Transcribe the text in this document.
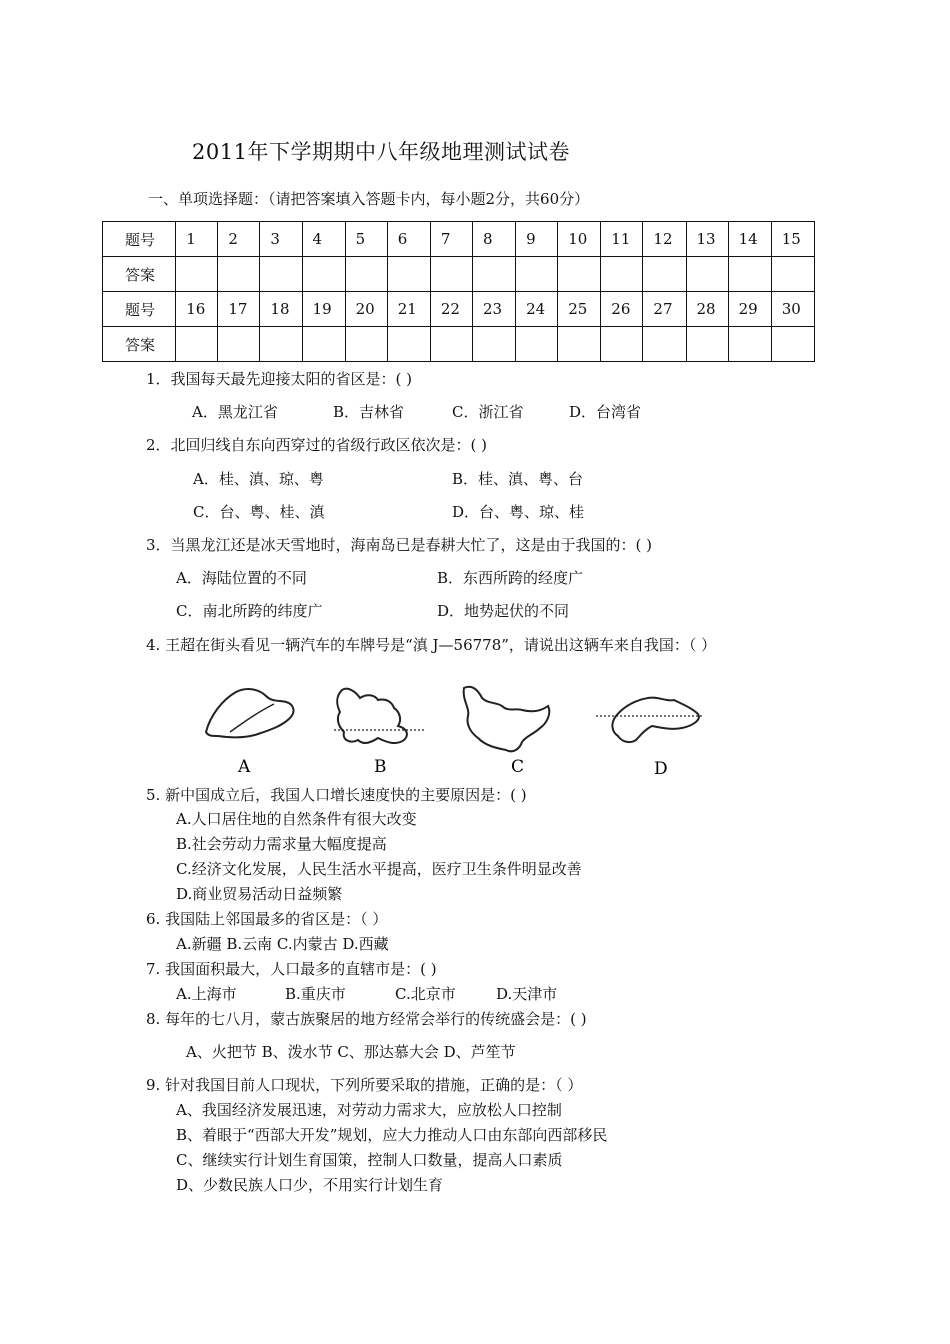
2011年下学期期中八年级地理测试试卷
一、单项选择题：（请把答案填入答题卡内，每小题2分，共60分）
题号	1	2	3	4	5	6	7	8	9	10	11	12	13	14	15
答案															
题号	16	17	18	19	20	21	22	23	24	25	26	27	28	29	30
答案															
1．我国每天最先迎接太阳的省区是：( )
A．黑龙江省	B．吉林省	C．浙江省	D．台湾省
2．北回归线自东向西穿过的省级行政区依次是：( )
A．桂、滇、琼、粤	B．桂、滇、粤、台
C．台、粤、桂、滇	D．台、粤、琼、桂
3．当黑龙江还是冰天雪地时，海南岛已是春耕大忙了，这是由于我国的：( )
A．海陆位置的不同	B．东西所跨的经度广
C．南北所跨的纬度广	D．地势起伏的不同
4. 王超在街头看见一辆汽车的车牌号是“滇 J—56778”，请说出这辆车来自我国：（ ）
A	B	C	D
5. 新中国成立后，我国人口增长速度快的主要原因是：( )
A.人口居住地的自然条件有很大改变
B.社会劳动力需求量大幅度提高
C.经济文化发展，人民生活水平提高，医疗卫生条件明显改善
D.商业贸易活动日益频繁
6. 我国陆上邻国最多的省区是：（ ）
A.新疆 B.云南 C.内蒙古 D.西藏
7. 我国面积最大，人口最多的直辖市是：( )
A.上海市	B.重庆市	C.北京市	D.天津市
8. 每年的七八月，蒙古族聚居的地方经常会举行的传统盛会是：( )
A、火把节 B、泼水节 C、那达慕大会 D、芦笙节
9. 针对我国目前人口现状，下列所要采取的措施，正确的是：（ ）
A、我国经济发展迅速，对劳动力需求大，应放松人口控制
B、着眼于“西部大开发”规划，应大力推动人口由东部向西部移民
C、继续实行计划生育国策，控制人口数量，提高人口素质
D、少数民族人口少，不用实行计划生育
